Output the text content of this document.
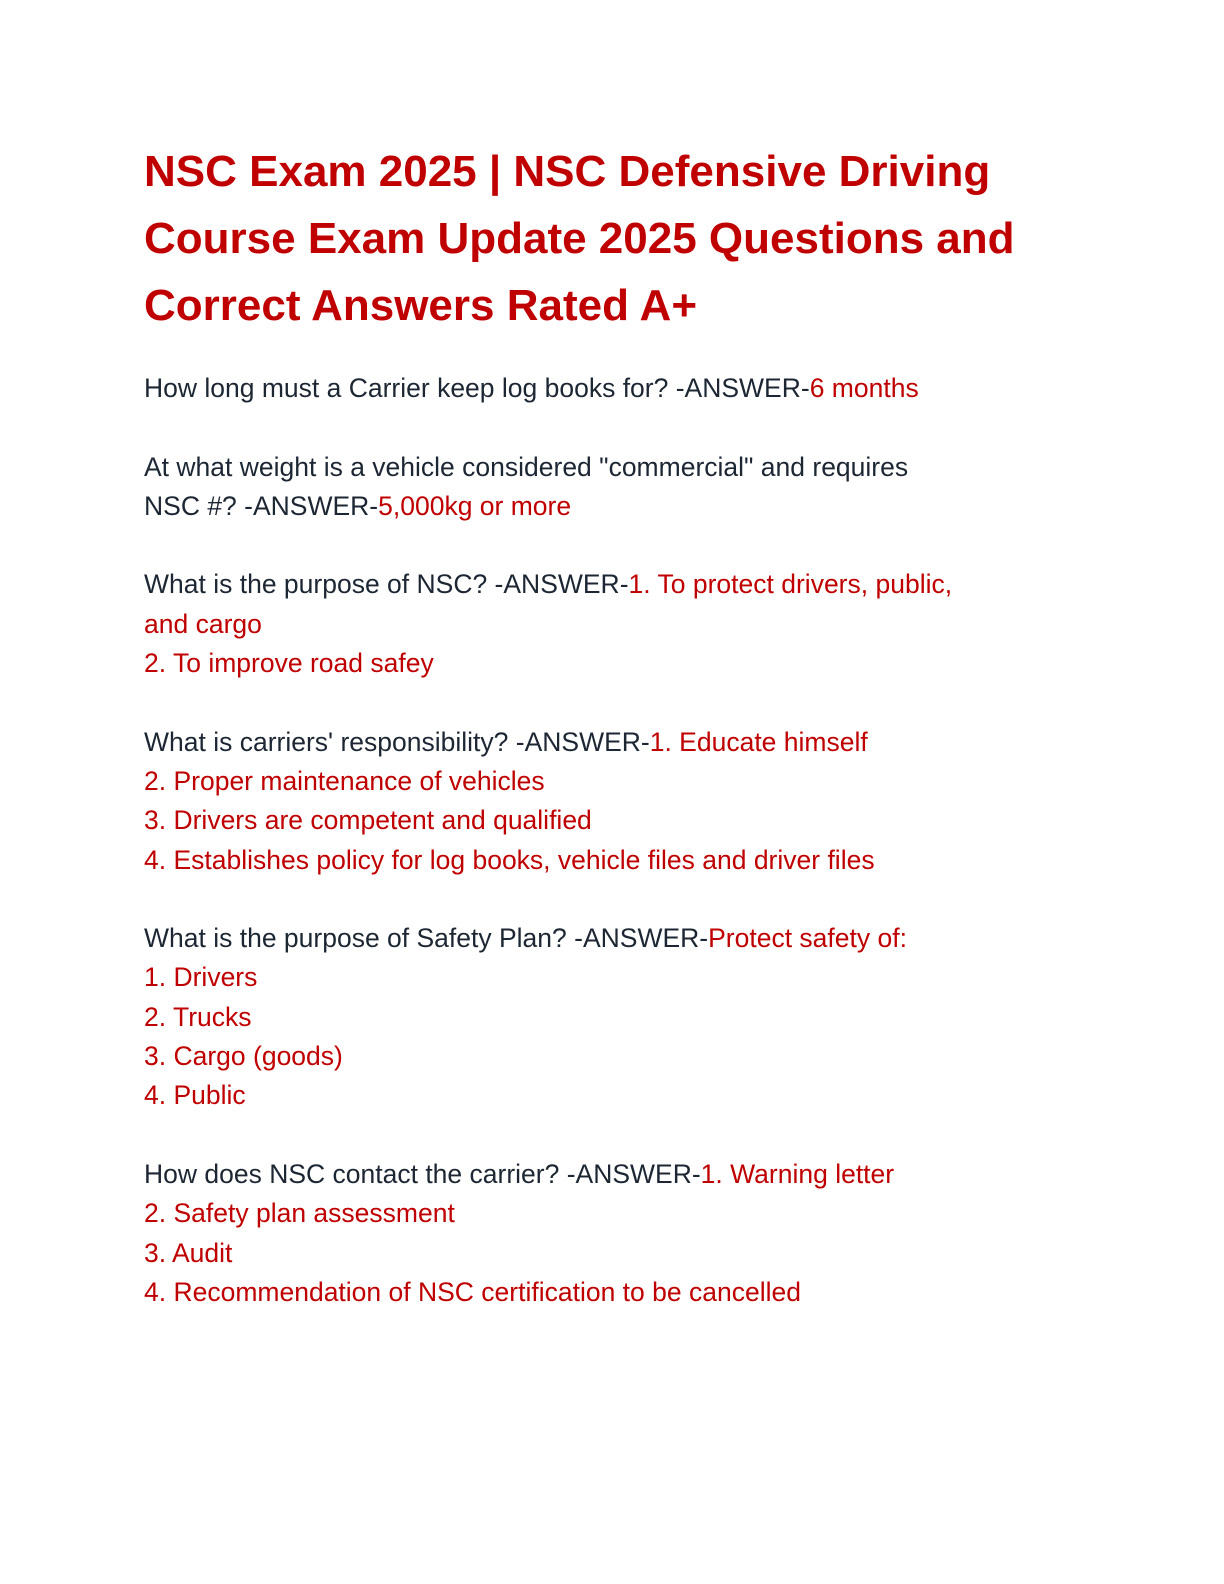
NSC Exam 2025 | NSC Defensive Driving Course Exam Update 2025 Questions and Correct Answers Rated A+
How long must a Carrier keep log books for? -ANSWER-6 months
At what weight is a vehicle considered "commercial" and requires
NSC #? -ANSWER-5,000kg or more
What is the purpose of NSC? -ANSWER-1. To protect drivers, public,
and cargo
2. To improve road safey
What is carriers' responsibility? -ANSWER-1. Educate himself
2. Proper maintenance of vehicles
3. Drivers are competent and qualified
4. Establishes policy for log books, vehicle files and driver files
What is the purpose of Safety Plan? -ANSWER-Protect safety of:
1. Drivers
2. Trucks
3. Cargo (goods)
4. Public
How does NSC contact the carrier? -ANSWER-1. Warning letter
2. Safety plan assessment
3. Audit
4. Recommendation of NSC certification to be cancelled
